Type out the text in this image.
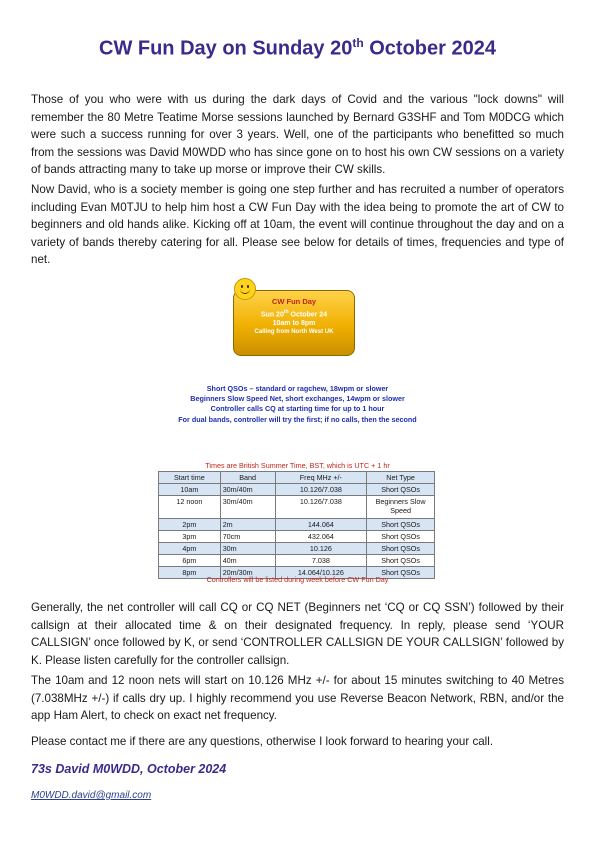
CW Fun Day on Sunday 20th October 2024

Those of you who were with us during the dark days of Covid and the various "lock downs" will remember the 80 Metre Teatime Morse sessions launched by Bernard G3SHF and Tom M0DCG which were such a success running for over 3 years. Well, one of the participants who benefitted so much from the sessions was David M0WDD who has since gone on to host his own CW sessions on a variety of bands attracting many to take up morse or improve their CW skills.

Now David, who is a society member is going one step further and has recruited a number of operators including Evan M0TJU to help him host a CW Fun Day with the idea being to promote the art of CW to beginners and old hands alike. Kicking off at 10am, the event will continue throughout the day and on a variety of bands thereby catering for all. Please see below for details of times, frequencies and type of net.

CW Fun Day
Sun 20th October 24
10am to 8pm
Calling from North West UK
Short QSOs – standard or ragchew, 18wpm or slower
Beginners Slow Speed Net, short exchanges, 14wpm or slower
Controller calls CQ at starting time for up to 1 hour
For dual bands, controller will try the first; if no calls, then the second
Times are British Summer Time, BST, which is UTC + 1 hr
Start time	Band	Freq MHz +/-	Net Type
10am	30m/40m	10.126/7.038	Short QSOs
12 noon	30m/40m	10.126/7.038	Beginners Slow Speed
2pm	2m	144.064	Short QSOs
3pm	70cm	432.064	Short QSOs
4pm	30m	10.126	Short QSOs
6pm	40m	7.038	Short QSOs
8pm	20m/30m	14.064/10.126	Short QSOs
Controllers will be listed during week before CW Fun Day

Generally, the net controller will call CQ or CQ NET (Beginners net ‘CQ or CQ SSN’) followed by their callsign at their allocated time & on their designated frequency. In reply, please send ‘YOUR CALLSIGN’ once followed by K, or send ‘CONTROLLER CALLSIGN DE YOUR CALLSIGN’ followed by K. Please listen carefully for the controller callsign.

The 10am and 12 noon nets will start on 10.126 MHz +/- for about 15 minutes switching to 40 Metres (7.038MHz +/-) if calls dry up. I highly recommend you use Reverse Beacon Network, RBN, and/or the app Ham Alert, to check on exact net frequency.

Please contact me if there are any questions, otherwise I look forward to hearing your call.

73s David M0WDD, October 2024
M0WDD.david@gmail.com
